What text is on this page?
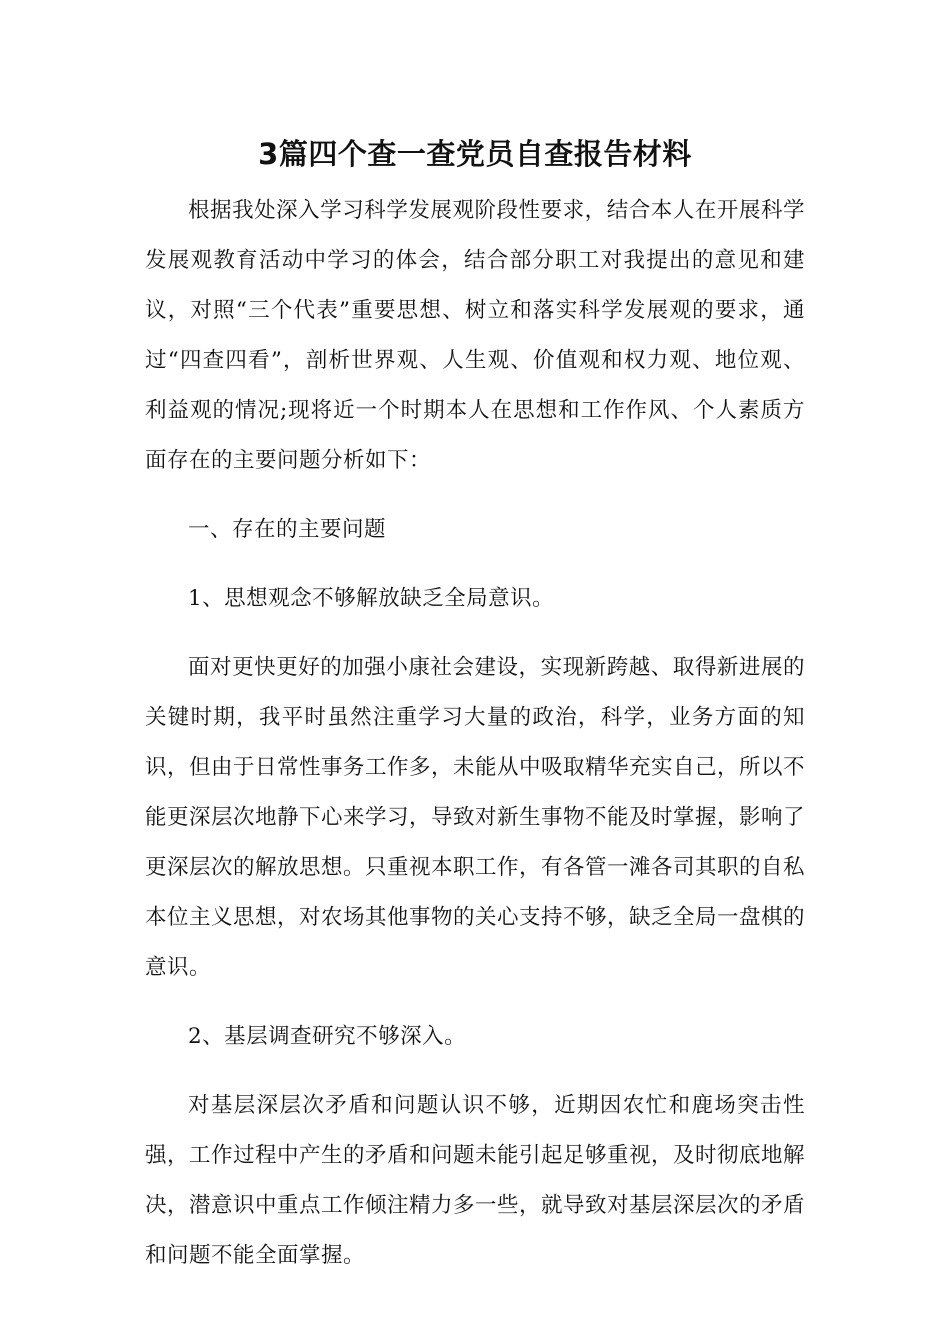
3篇四个查一查党员自查报告材料

根据我处深入学习科学发展观阶段性要求，结合本人在开展科学发展观教育活动中学习的体会，结合部分职工对我提出的意见和建议，对照“三个代表”重要思想、树立和落实科学发展观的要求，通过“四查四看”，剖析世界观、人生观、价值观和权力观、地位观、利益观的情况;现将近一个时期本人在思想和工作作风、个人素质方面存在的主要问题分析如下：

一、存在的主要问题

1、思想观念不够解放缺乏全局意识。

面对更快更好的加强小康社会建设，实现新跨越、取得新进展的关键时期，我平时虽然注重学习大量的政治，科学，业务方面的知识，但由于日常性事务工作多，未能从中吸取精华充实自己，所以不能更深层次地静下心来学习，导致对新生事物不能及时掌握，影响了更深层次的解放思想。只重视本职工作，有各管一滩各司其职的自私本位主义思想，对农场其他事物的关心支持不够，缺乏全局一盘棋的意识。

2、基层调查研究不够深入。

对基层深层次矛盾和问题认识不够，近期因农忙和鹿场突击性强，工作过程中产生的矛盾和问题未能引起足够重视，及时彻底地解决，潜意识中重点工作倾注精力多一些，就导致对基层深层次的矛盾和问题不能全面掌握。
